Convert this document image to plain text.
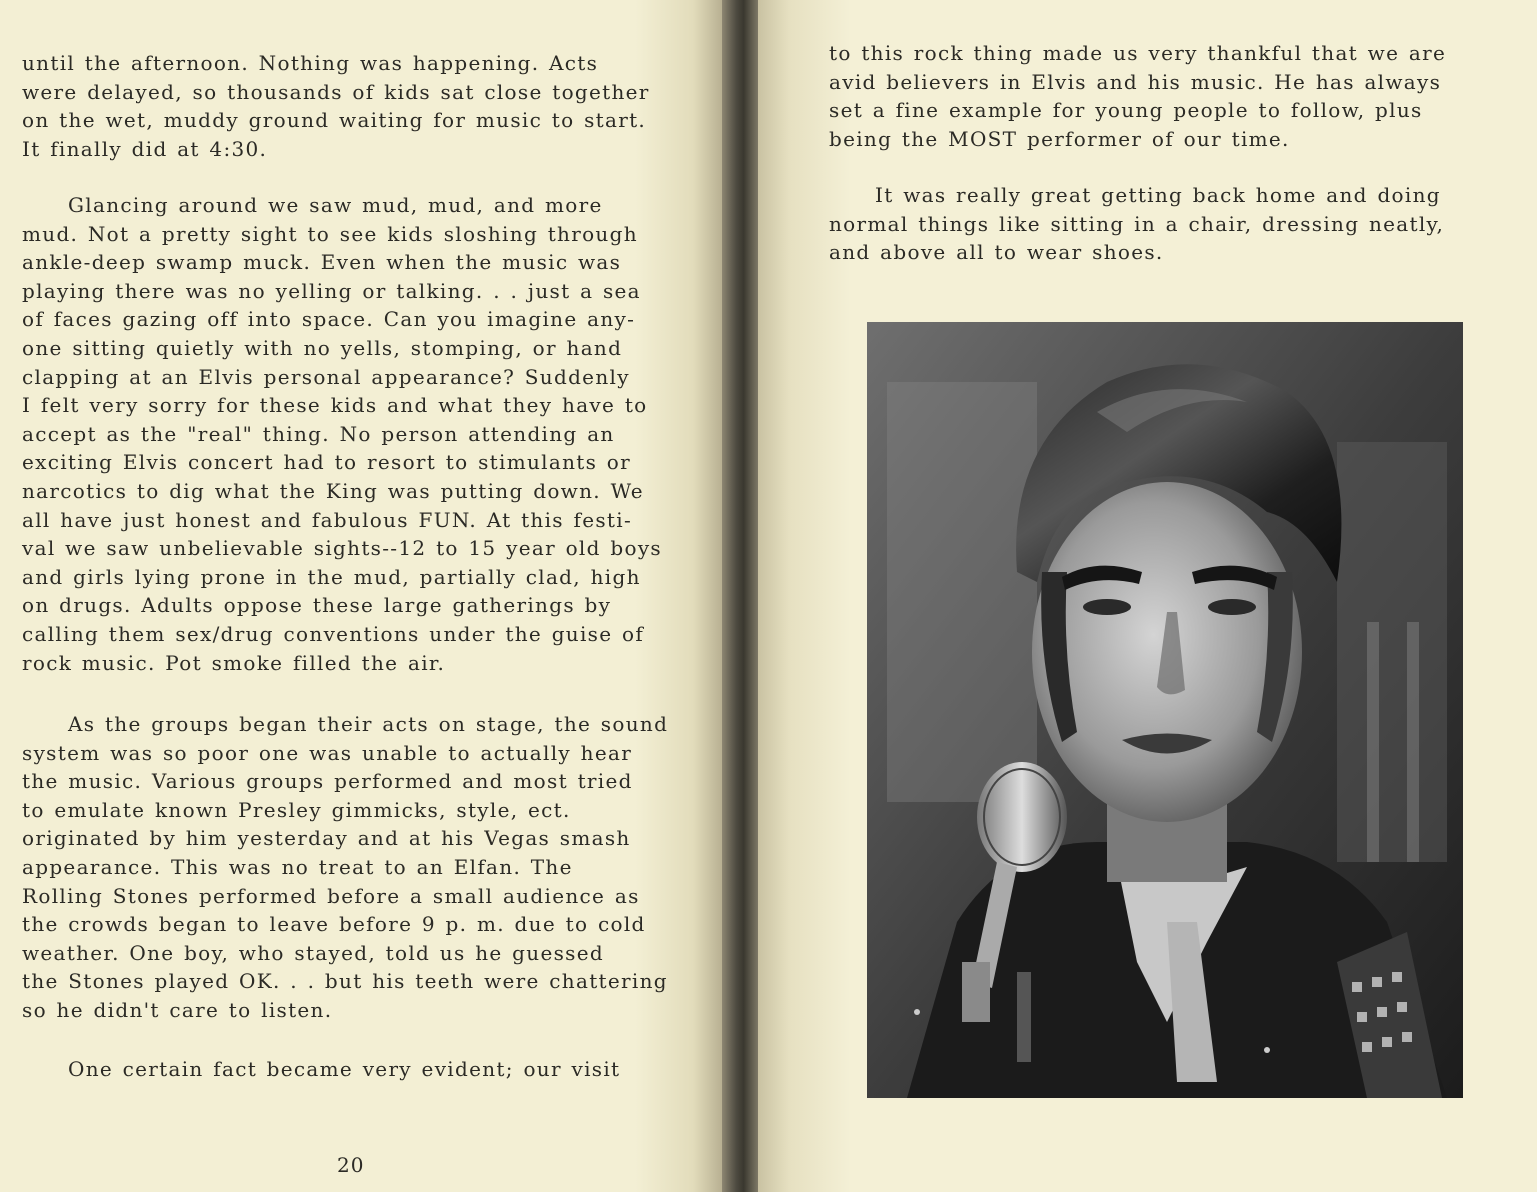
until the afternoon. Nothing was happening. Acts
were delayed, so thousands of kids sat close together
on the wet, muddy ground waiting for music to start.
It finally did at 4:30.

Glancing around we saw mud, mud, and more
mud. Not a pretty sight to see kids sloshing through
ankle-deep swamp muck. Even when the music was
playing there was no yelling or talking. . . just a sea
of faces gazing off into space. Can you imagine any-
one sitting quietly with no yells, stomping, or hand
clapping at an Elvis personal appearance? Suddenly
I felt very sorry for these kids and what they have to
accept as the "real" thing. No person attending an
exciting Elvis concert had to resort to stimulants or
narcotics to dig what the King was putting down. We
all have just honest and fabulous FUN. At this festi-
val we saw unbelievable sights--12 to 15 year old boys
and girls lying prone in the mud, partially clad, high
on drugs. Adults oppose these large gatherings by
calling them sex/drug conventions under the guise of
rock music. Pot smoke filled the air.

As the groups began their acts on stage, the sound
system was so poor one was unable to actually hear
the music. Various groups performed and most tried
to emulate known Presley gimmicks, style, ect.
originated by him yesterday and at his Vegas smash
appearance. This was no treat to an Elfan. The
Rolling Stones performed before a small audience as
the crowds began to leave before 9 p. m. due to cold
weather. One boy, who stayed, told us he guessed
the Stones played OK. . . but his teeth were chattering
so he didn't care to listen.

One certain fact became very evident; our visit

20

to this rock thing made us very thankful that we are
avid believers in Elvis and his music. He has always
set a fine example for young people to follow, plus
being the MOST performer of our time.

It was really great getting back home and doing
normal things like sitting in a chair, dressing neatly,
and above all to wear shoes.
